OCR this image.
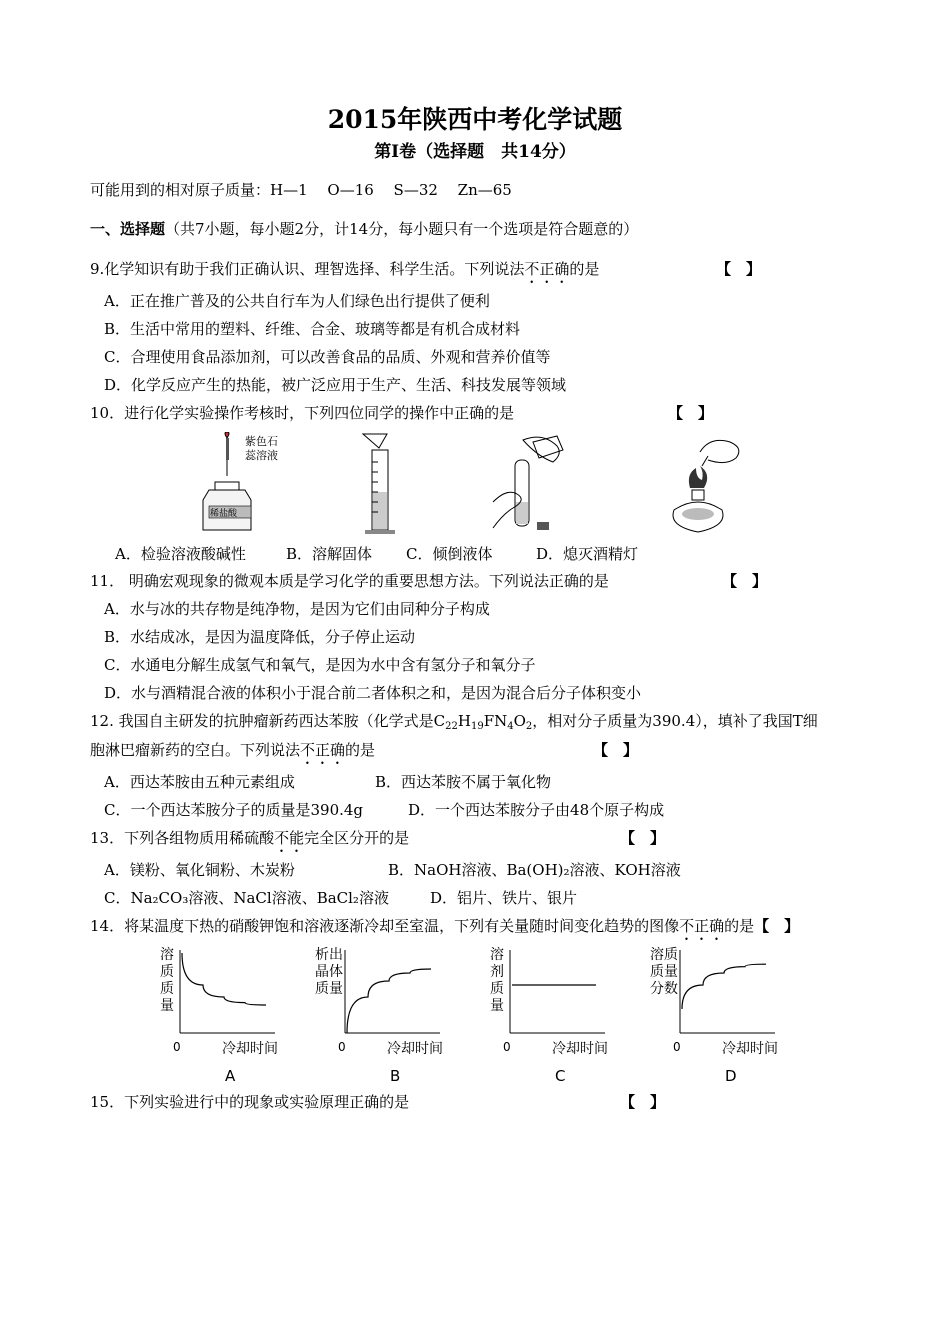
2015年陕西中考化学试题
第Ⅰ卷（选择题　共14分）
可能用到的相对原子质量：H—1　 O—16　 S—32　 Zn—65
一、选择题（共7小题，每小题2分，计14分，每小题只有一个选项是符合题意的）
9.化学知识有助于我们正确认识、理智选择、科学生活。下列说法不正确的是	【　】
A．正在推广普及的公共自行车为人们绿色出行提供了便利
B．生活中常用的塑料、纤维、合金、玻璃等都是有机合成材料
C．合理使用食品添加剂，可以改善食品的品质、外观和营养价值等
D．化学反应产生的热能，被广泛应用于生产、生活、科技发展等领域
10．进行化学实验操作考核时，下列四位同学的操作中正确的是	【　】
紫色石
蕊溶液
稀盐酸
A．检验溶液酸碱性	B．溶解固体 C．倾倒液体	D．熄灭酒精灯
11． 明确宏观现象的微观本质是学习化学的重要思想方法。下列说法正确的是	【　】
A．水与冰的共存物是纯净物，是因为它们由同种分子构成
B．水结成冰，是因为温度降低，分子停止运动
C．水通电分解生成氢气和氧气，是因为水中含有氢分子和氧分子
D．水与酒精混合液的体积小于混合前二者体积之和，是因为混合后分子体积变小
12. 我国自主研发的抗肿瘤新药西达苯胺（化学式是$C_{22}H_{19}FN_4O_2$，相对分子质量为390.4），填补了我国T细
胞淋巴瘤新药的空白。下列说法不正确的是	【　】
A．西达苯胺由五种元素组成	B．西达苯胺不属于氧化物
C．一个西达苯胺分子的质量是390.4g	D．一个西达苯胺分子由48个原子构成
13．下列各组物质用稀硫酸不能完全区分开的是	【　】
A．镁粉、氧化铜粉、木炭粉	B．NaOH溶液、Ba(OH)₂溶液、KOH溶液
C．Na₂CO₃溶液、NaCl溶液、BaCl₂溶液	D．铝片、铁片、银片
14．将某温度下热的硝酸钾饱和溶液逐渐冷却至室温，下列有关量随时间变化趋势的图像不正确的是【　】
溶
质
质
量
0	冷却时间
A
析出
晶体
质量
0	冷却时间
B
溶
剂
质
量
0	冷却时间
C
溶质
质量
分数
0	冷却时间
D
15．下列实验进行中的现象或实验原理正确的是	【　】
